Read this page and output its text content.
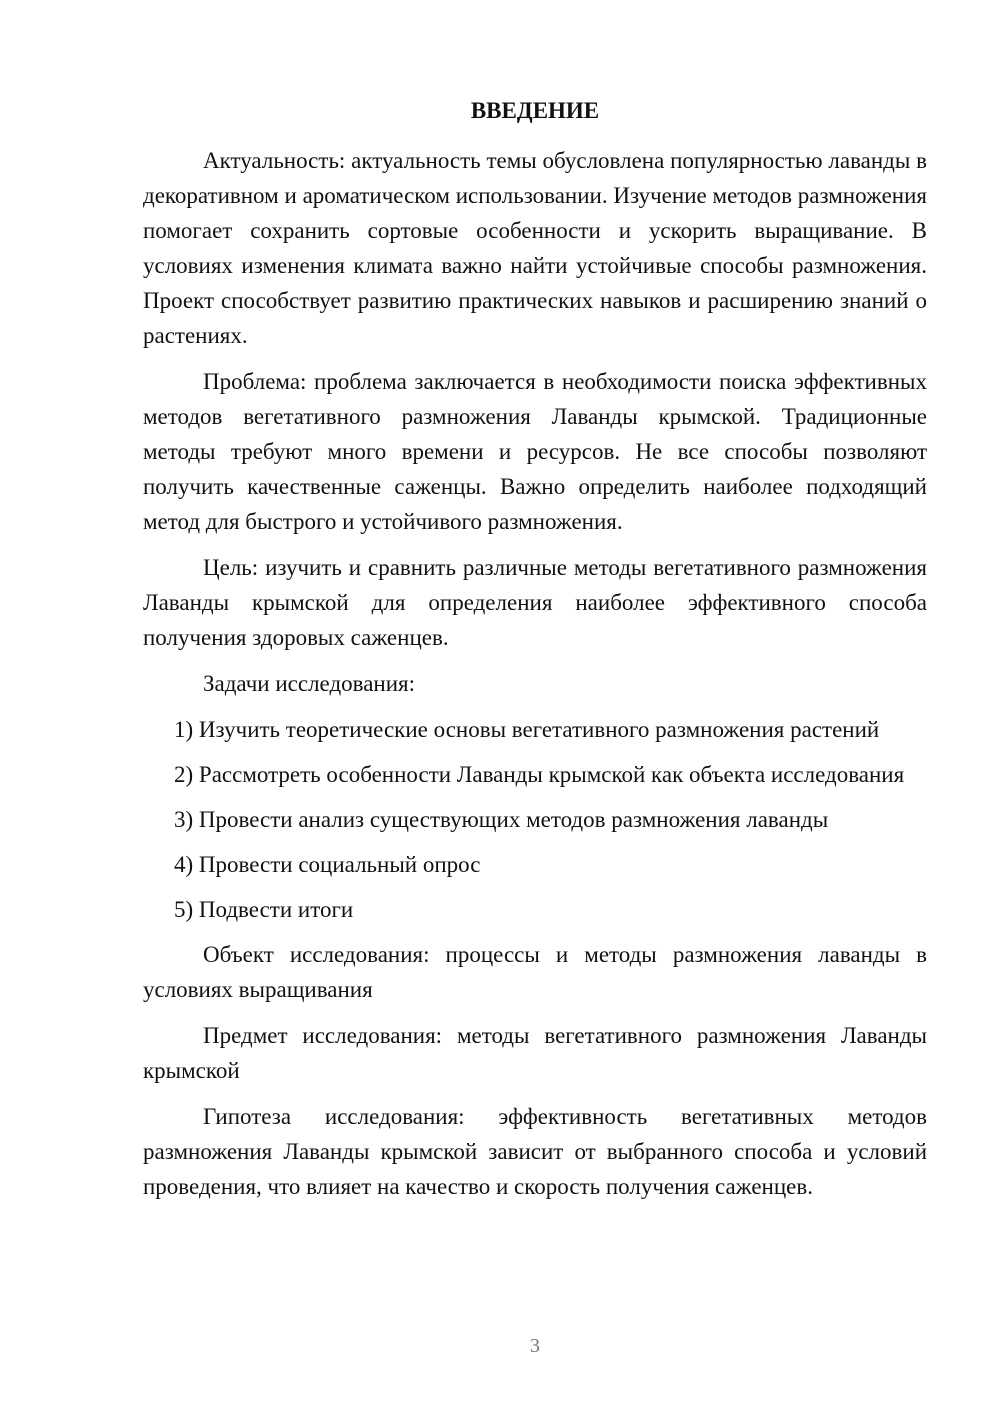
ВВЕДЕНИЕ

Актуальность: актуальность темы обусловлена популярностью лаванды в декоративном и ароматическом использовании. Изучение методов размножения помогает сохранить сортовые особенности и ускорить выращивание. В условиях изменения климата важно найти устойчивые способы размножения. Проект способствует развитию практических навыков и расширению знаний о растениях.

Проблема: проблема заключается в необходимости поиска эффективных методов вегетативного размножения Лаванды крымской. Традиционные методы требуют много времени и ресурсов. Не все способы позволяют получить качественные саженцы. Важно определить наиболее подходящий метод для быстрого и устойчивого размножения.

Цель: изучить и сравнить различные методы вегетативного размножения Лаванды крымской для определения наиболее эффективного способа получения здоровых саженцев.

Задачи исследования:

1) Изучить теоретические основы вегетативного размножения растений

2) Рассмотреть особенности Лаванды крымской как объекта исследования

3) Провести анализ существующих методов размножения лаванды

4) Провести социальный опрос

5) Подвести итоги

Объект исследования: процессы и методы размножения лаванды в условиях выращивания

Предмет исследования: методы вегетативного размножения Лаванды крымской

Гипотеза исследования: эффективность вегетативных методов размножения Лаванды крымской зависит от выбранного способа и условий проведения, что влияет на качество и скорость получения саженцев.

3
